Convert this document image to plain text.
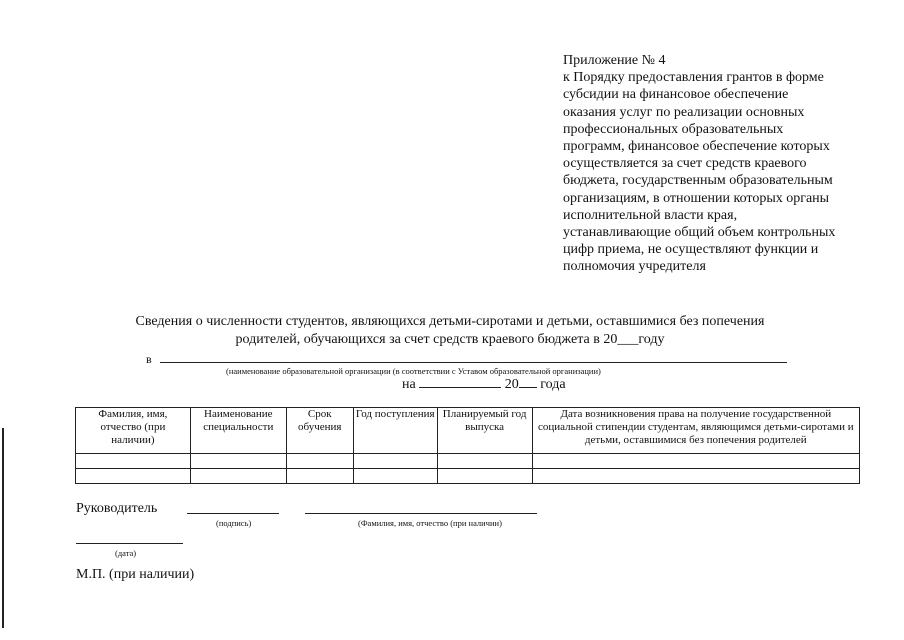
Приложение № 4
к Порядку предоставления грантов в форме
субсидии на финансовое обеспечение
оказания услуг по реализации основных
профессиональных образовательных
программ, финансовое обеспечение которых
осуществляется за счет средств краевого
бюджета, государственным образовательным
организациям, в отношении которых органы
исполнительной власти края,
устанавливающие общий объем контрольных
цифр приема, не осуществляют функции и
полномочия учредителя
Сведения о численности студентов, являющихся детьми-сиротами и детьми, оставшимися без попечения
родителей, обучающихся за счет средств краевого бюджета в 20___году
в
(наименование образовательной организации (в соответствии с Уставом образовательной организации)
на	20 года
Фамилия, имя, отчество (при наличии)	Наименование специальности	Срок обучения	Год поступления	Планируемый год выпуска	Дата возникновения права на получение государственной социальной стипендии студентам, являющимся детьми-сиротами и детьми, оставшимися без попечения родителей

Руководитель
(подпись)	(Фамилия, имя, отчество (при наличии)
(дата)
М.П. (при наличии)
